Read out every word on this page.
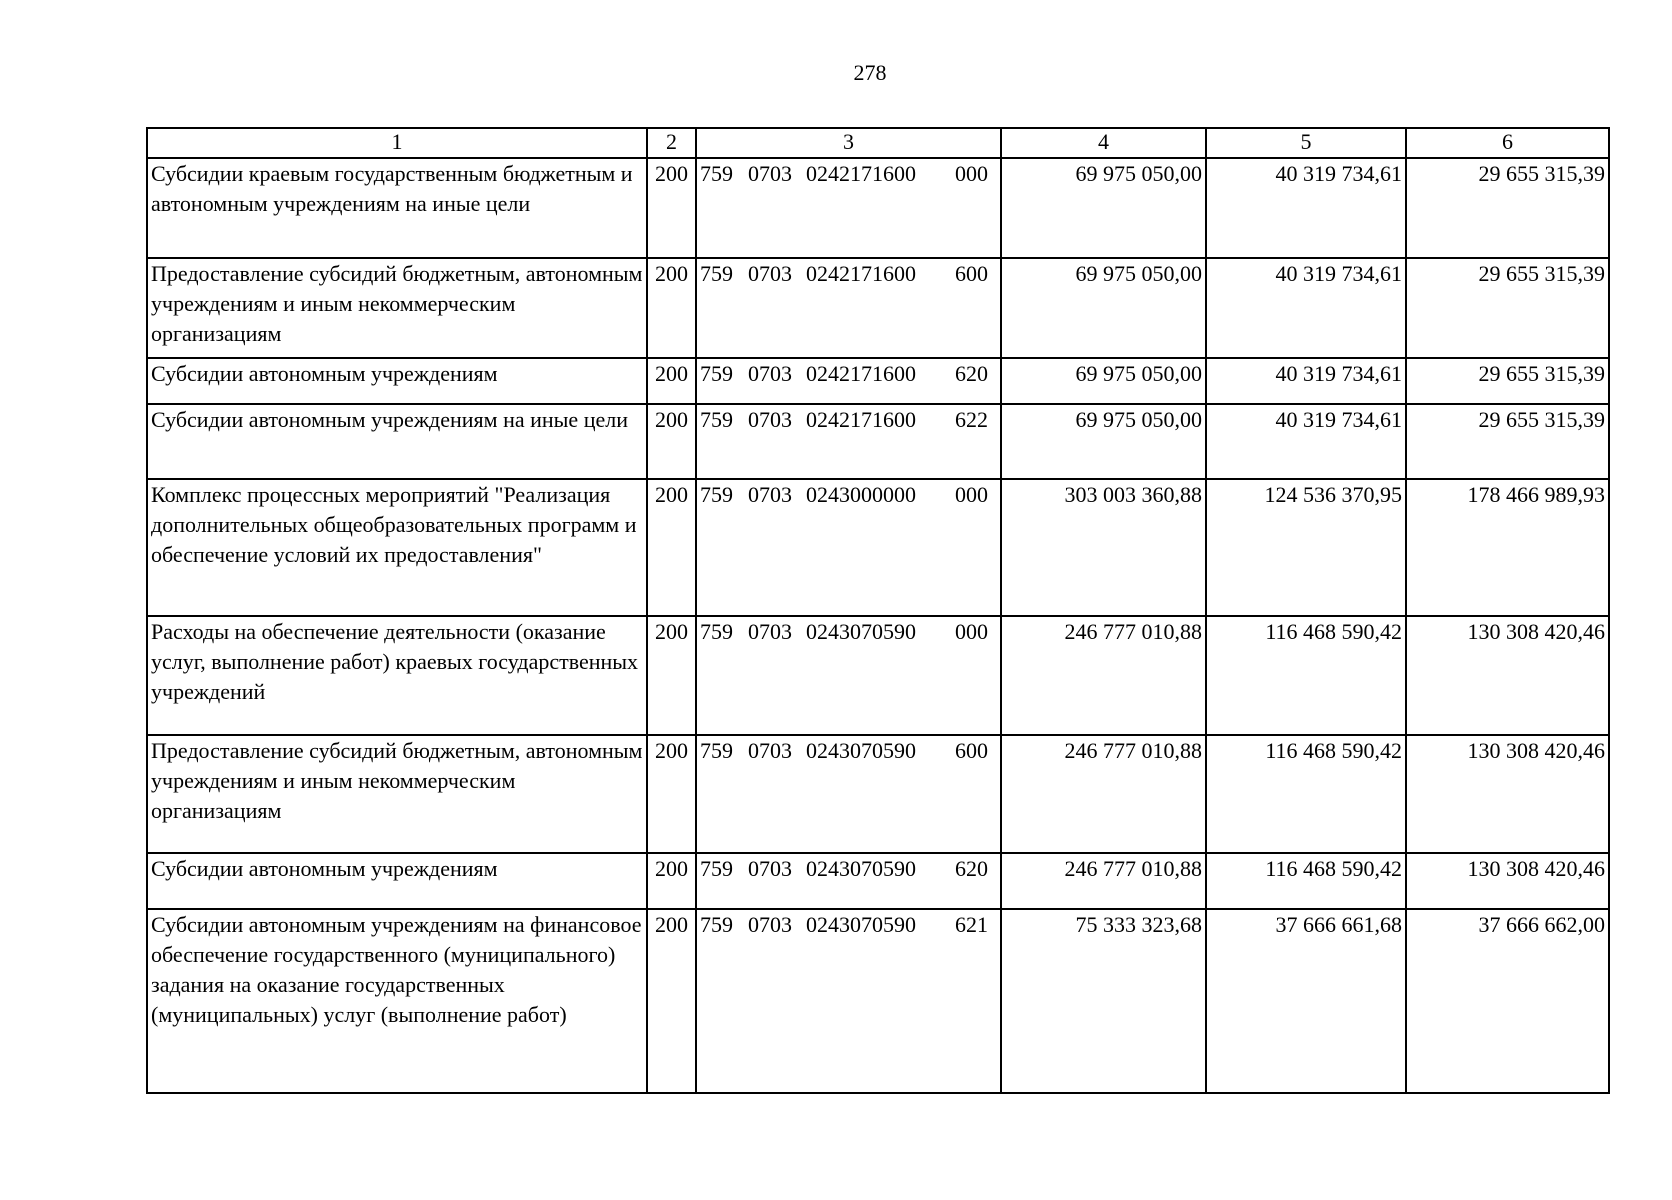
278
1	2	3	4	5	6
Субсидии краевым государственным бюджетным и автономным учреждениям на иные цели	200	759 0703 0242171600 000	69 975 050,00	40 319 734,61	29 655 315,39
Предоставление субсидий бюджетным, автономным учреждениям и иным некоммерческим организациям	200	759 0703 0242171600 600	69 975 050,00	40 319 734,61	29 655 315,39
Субсидии автономным учреждениям	200	759 0703 0242171600 620	69 975 050,00	40 319 734,61	29 655 315,39
Субсидии автономным учреждениям на иные цели	200	759 0703 0242171600 622	69 975 050,00	40 319 734,61	29 655 315,39
Комплекс процессных мероприятий "Реализация дополнительных общеобразовательных программ и обеспечение условий их предоставления"	200	759 0703 0243000000 000	303 003 360,88	124 536 370,95	178 466 989,93
Расходы на обеспечение деятельности (оказание услуг, выполнение работ) краевых государственных учреждений	200	759 0703 0243070590 000	246 777 010,88	116 468 590,42	130 308 420,46
Предоставление субсидий бюджетным, автономным учреждениям и иным некоммерческим организациям	200	759 0703 0243070590 600	246 777 010,88	116 468 590,42	130 308 420,46
Субсидии автономным учреждениям	200	759 0703 0243070590 620	246 777 010,88	116 468 590,42	130 308 420,46
Субсидии автономным учреждениям на финансовое обеспечение государственного (муниципального) задания на оказание государственных (муниципальных) услуг (выполнение работ)	200	759 0703 0243070590 621	75 333 323,68	37 666 661,68	37 666 662,00
